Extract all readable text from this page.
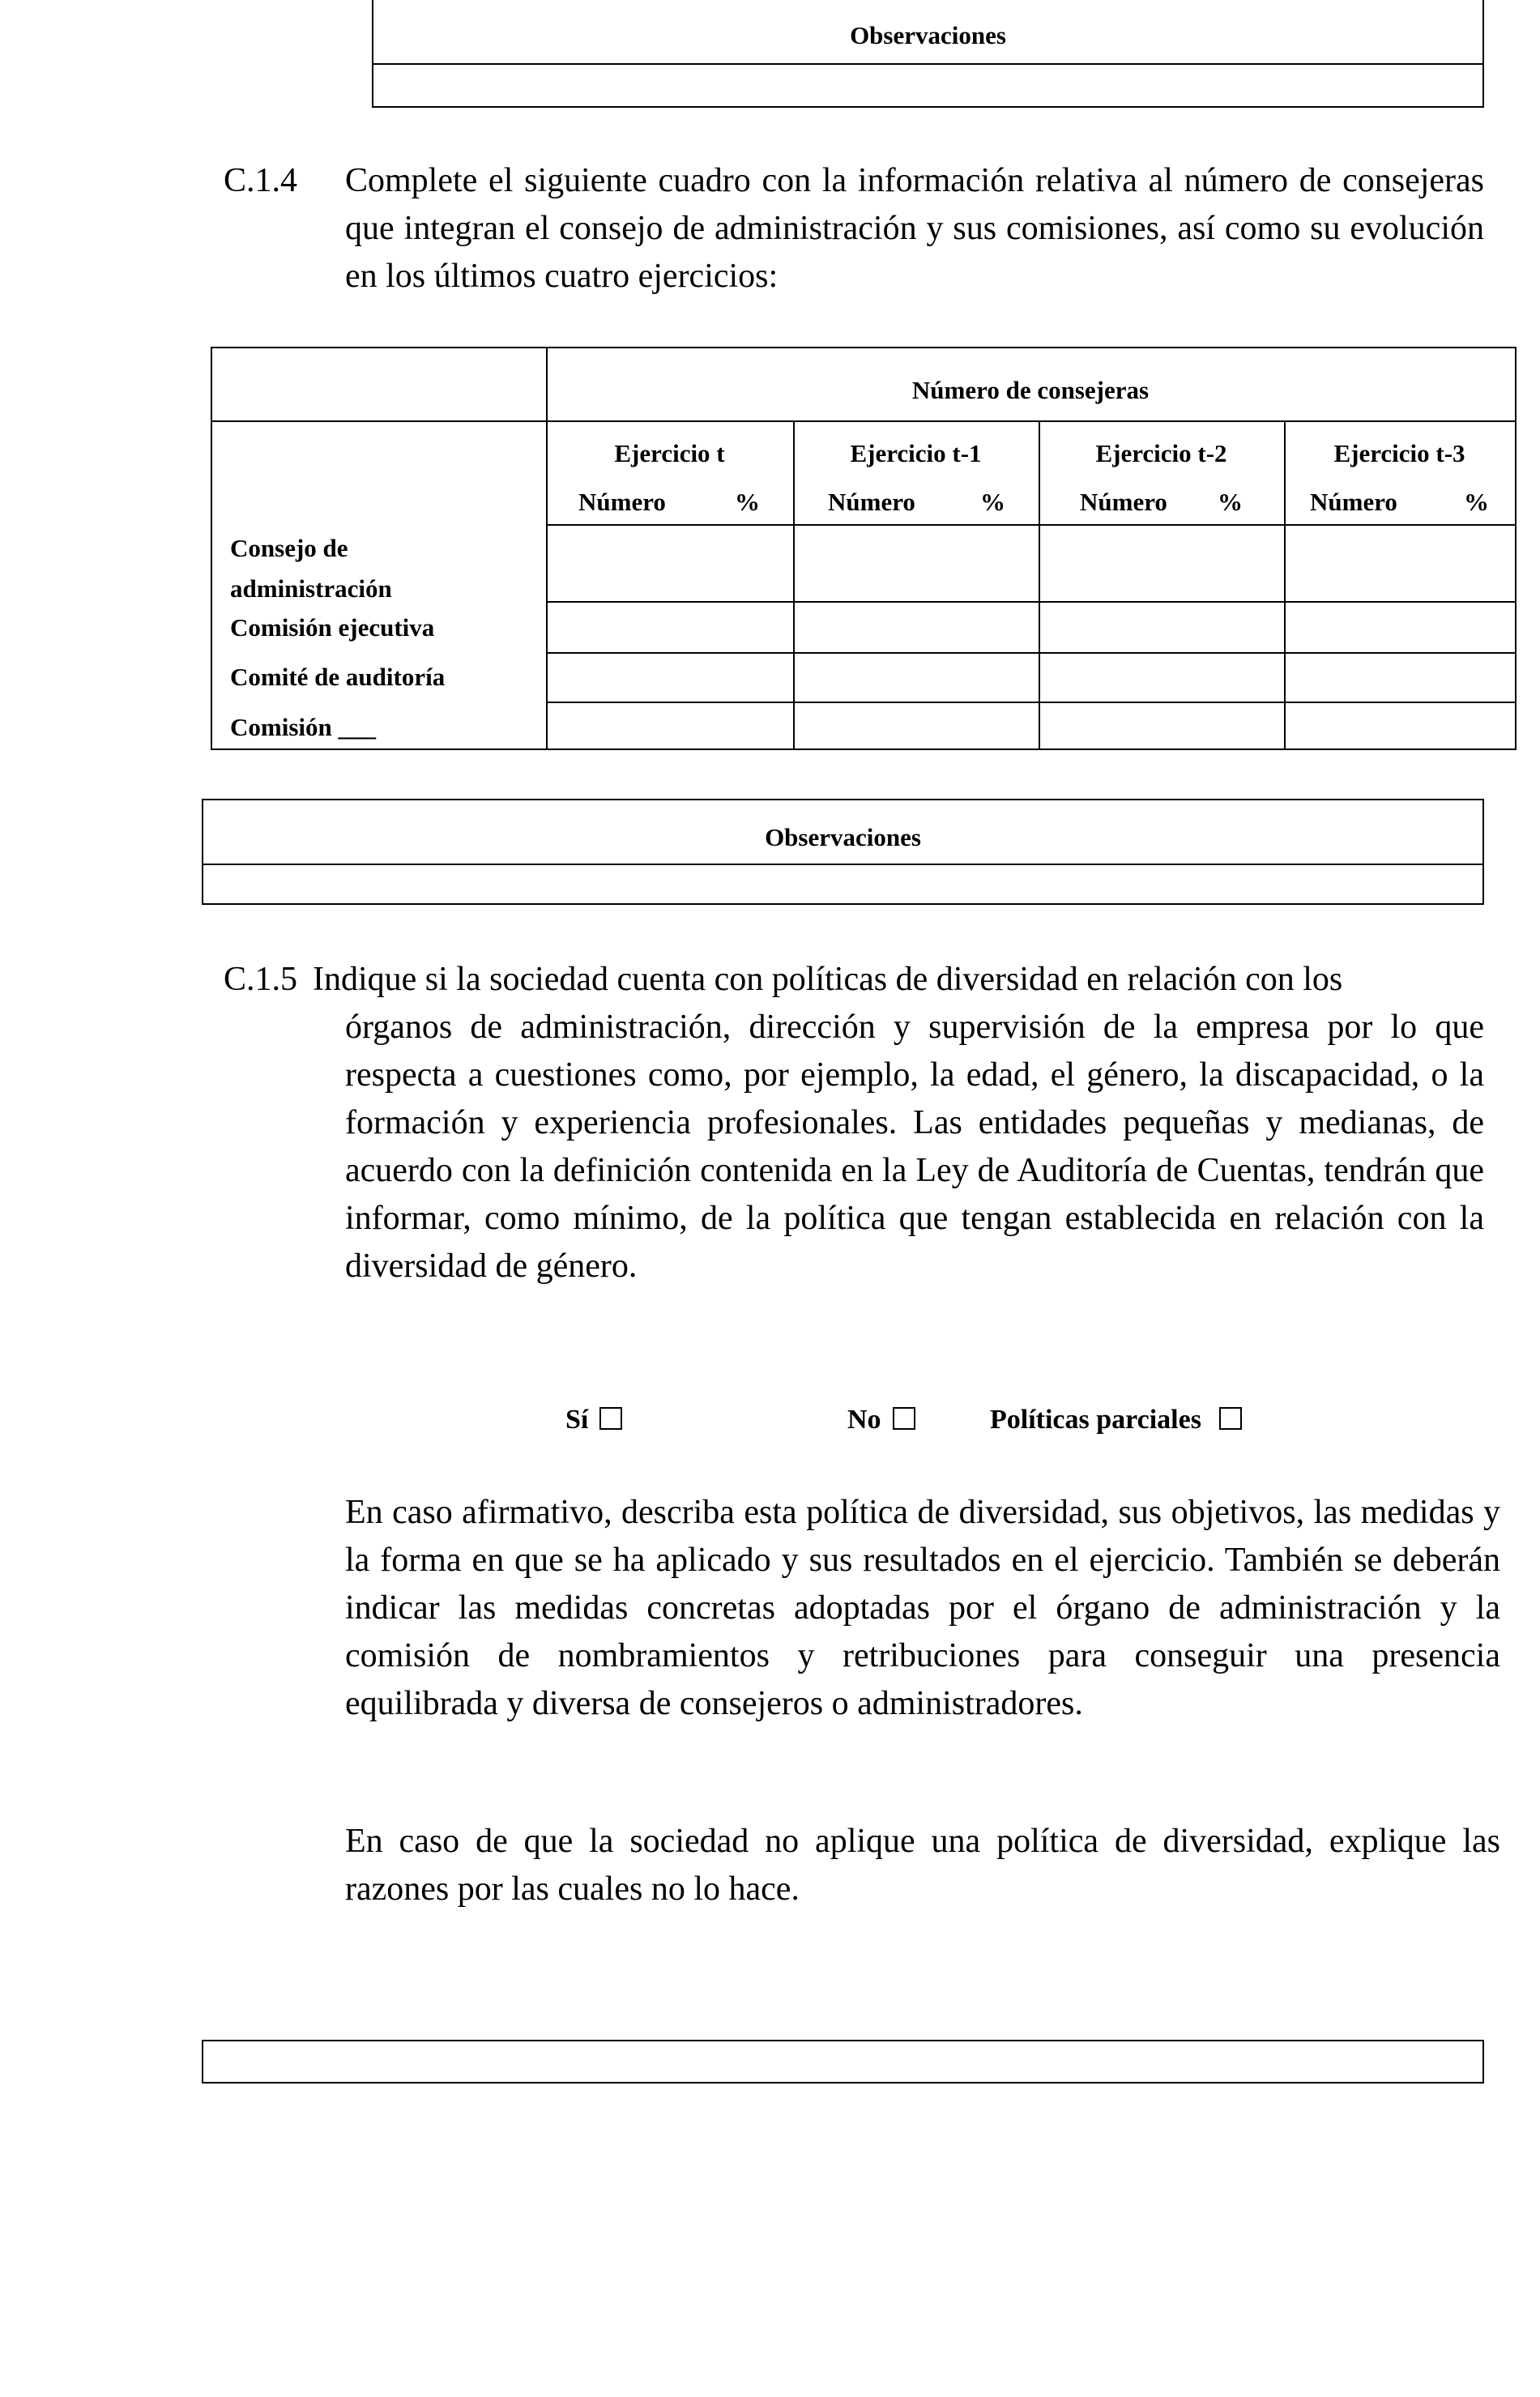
Observaciones
C.1.4	Complete el siguiente cuadro con la información relativa al número de consejeras que integran el consejo de administración y sus comisiones, así como su evolución en los últimos cuatro ejercicios:
Número de consejeras
Ejercicio t	Ejercicio t-1	Ejercicio t-2	Ejercicio t-3
Número	%	Número	%	Número %	Número	%
Consejo de administración
Comisión ejecutiva
Comité de auditoría
Comisión ___
Observaciones
C.1.5 Indique si la sociedad cuenta con políticas de diversidad en relación con los
órganos de administración, dirección y supervisión de la empresa por lo que respecta a cuestiones como, por ejemplo, la edad, el género, la discapacidad, o la formación y experiencia profesionales. Las entidades pequeñas y medianas, de acuerdo con la definición contenida en la Ley de Auditoría de Cuentas, tendrán que informar, como mínimo, de la política que tengan establecida en relación con la diversidad de género.
Sí	No	Políticas parciales
En caso afirmativo, describa esta política de diversidad, sus objetivos, las medidas y la forma en que se ha aplicado y sus resultados en el ejercicio. También se deberán indicar las medidas concretas adoptadas por el órgano de administración y la comisión de nombramientos y retribuciones para conseguir una presencia equilibrada y diversa de consejeros o administradores.
En caso de que la sociedad no aplique una política de diversidad, explique las razones por las cuales no lo hace.
